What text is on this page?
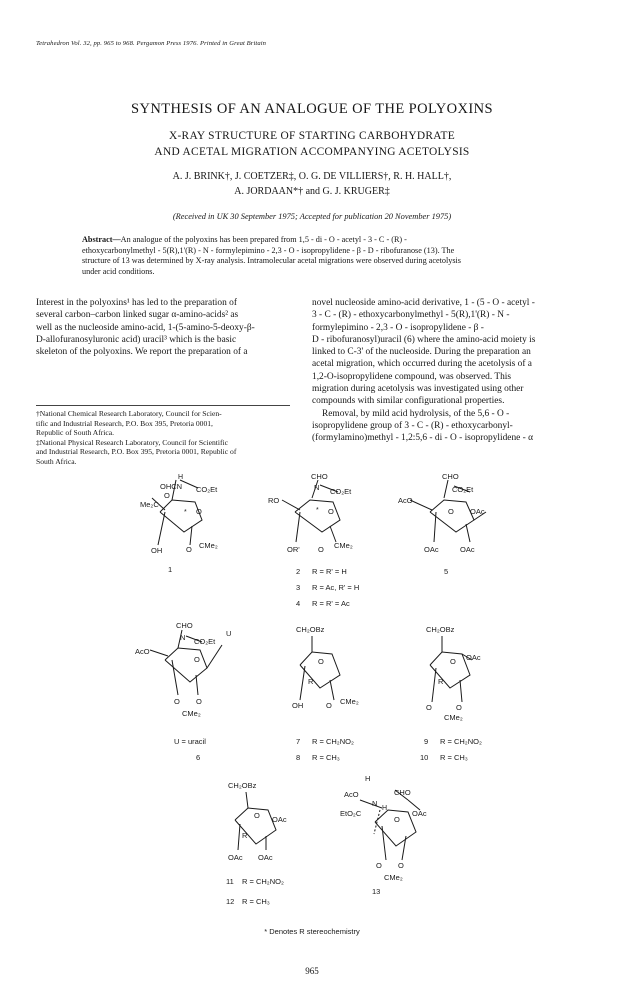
Tetrahedron Vol. 32, pp. 965 to 968. Pergamon Press 1976. Printed in Great Britain
SYNTHESIS OF AN ANALOGUE OF THE POLYOXINS
X-RAY STRUCTURE OF STARTING CARBOHYDRATE
AND ACETAL MIGRATION ACCOMPANYING ACETOLYSIS
A. J. BRINK†, J. COETZER‡, O. G. DE VILLIERS†, R. H. HALL†,
A. JORDAAN*† and G. J. KRUGER‡
(Received in UK 30 September 1975; Accepted for publication 20 November 1975)
Abstract—An analogue of the polyoxins has been prepared from 1,5 - di - O - acetyl - 3 - C - (R) -
ethoxycarbonylmethyl - 5(R),1'(R) - N - formylepimino - 2,3 - O - isopropylidene - β - D - ribofuranose (13). The
structure of 13 was determined by X-ray analysis. Intramolecular acetal migrations were observed during acetolysis
under acid conditions.
Interest in the polyoxins¹ has led to the preparation of
several carbon–carbon linked sugar α-amino-acids² as
well as the nucleoside amino-acid, 1-(5-amino-5-deoxy-β-
D-allofuranosyluronic acid) uracil³ which is the basic
skeleton of the polyoxins. We report the preparation of a
†National Chemical Research Laboratory, Council for Scien-
tific and Industrial Research, P.O. Box 395, Pretoria 0001,
Republic of South Africa.
‡National Physical Research Laboratory, Council for Scientific
and Industrial Research, P.O. Box 395, Pretoria 0001, Republic of
South Africa.
novel nucleoside amino-acid derivative, 1 - (5 - O - acetyl -
3 - C - (R) - ethoxycarbonylmethyl - 5(R),1'(R) - N -
formylepimino - 2,3 - O - isopropylidene - β -
D - ribofuranosyl)uracil (6) where the amino-acid moiety is
linked to C-3' of the nucleoside. During the preparation an
acetal migration, which occurred during the acetolysis of a
1,2-O-isopropylidene compound, was observed. This
migration during acetolysis was investigated using other
compounds with similar configurational properties.
Removal, by mild acid hydrolysis, of the 5,6 - O -
isopropylidene group of 3 - C - (R) - ethoxycarbonyl-
(formylamino)methyl - 1,2:5,6 - di - O - isopropylidene - α
H
OHCN CO₂Et
Me₂C
O
* O
OH	O CMe₂
1
CHO
N CO₂Et
RO
* O
OR' O CMe₂
2 R = R' = H
3 R = Ac, R' = H
4 R = R' = Ac
CHO
CO₂Et
AcO
O OAc
OAc	OAc
5
CHO
U
N CO₂Et
AcO
O
O O
CMe₂
U = uracil
6
CH₂OBz
O
R
OH	O CMe₂
7 R = CH₂NO₂
8 R = CH₃
CH₂OBz
O OAc
R
O	O
CMe₂
9 R = CH₂NO₂
10 R = CH₃
CH₂OBz
O OAc
R
OAc OAc
11 R = CH₂NO₂
12 R = CH₃
H
AcO	CHO
N
H
EtO₂C
O
OAc
O O
CMe₂
13
* Denotes R stereochemistry
965
